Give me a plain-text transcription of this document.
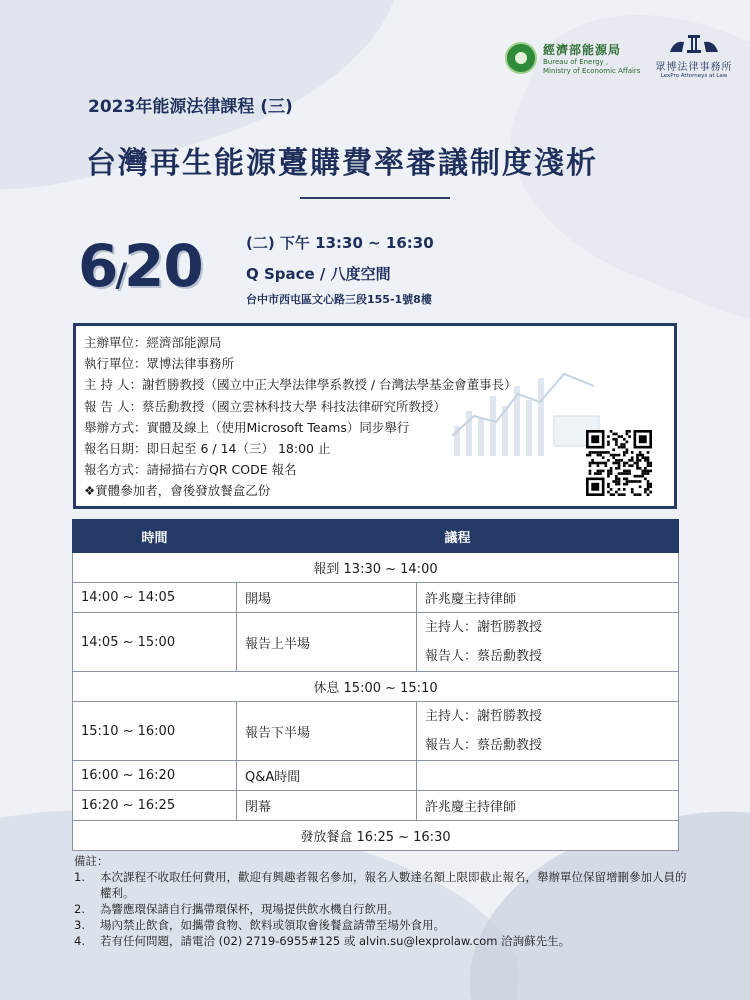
經濟部能源局
Bureau of Energy ,
Ministry of Economic Affairs	眾博法律事務所
LexPro Attorneys at Law
2023年能源法律課程 (三)
台灣再生能源躉購費率審議制度淺析
6/20	(二) 下午 13:30 ~ 16:30
Q Space / 八度空間
台中市西屯區文心路三段155-1號8樓
主辦單位：經濟部能源局
執行單位：眾博法律事務所
主 持 人：謝哲勝教授（國立中正大學法律學系教授 / 台灣法學基金會董事長）
報 告 人：蔡岳勳教授（國立雲林科技大學 科技法律研究所教授）
舉辦方式：實體及線上（使用Microsoft Teams）同步舉行
報名日期：即日起至 6 / 14（三） 18:00 止
報名方式：請掃描右方QR CODE 報名
❖實體參加者，會後發放餐盒乙份
時間	議程	
報到 13:30 ~ 14:00		
14:00 ~ 14:05	開場	許兆慶主持律師
14:05 ~ 15:00	報告上半場	主持人：謝哲勝教授
報告人：蔡岳勳教授

休息 15:00 ~ 15:10		
15:10 ~ 16:00	報告下半場	主持人：謝哲勝教授
報告人：蔡岳勳教授

16:00 ~ 16:20	Q&A時間	
16:20 ~ 16:25	閉幕	許兆慶主持律師
發放餐盒 16:25 ~ 16:30		
備註：
1. 本次課程不收取任何費用，歡迎有興趣者報名參加，報名人數達名額上限即截止報名，舉辦單位保留增刪參加人員的權利。
2. 為響應環保請自行攜帶環保杯，現場提供飲水機自行飲用。
3. 場內禁止飲食，如攜帶食物、飲料或領取會後餐盒請帶至場外食用。
4. 若有任何問題，請電洽 (02) 2719-6955#125 或 alvin.su@lexprolaw.com 洽詢蘇先生。
